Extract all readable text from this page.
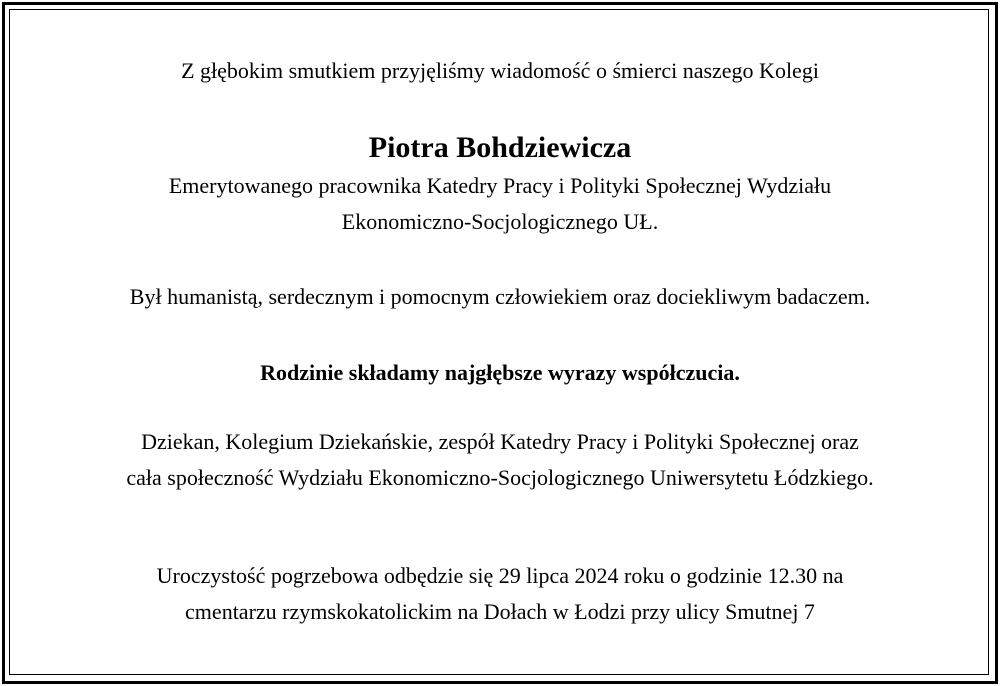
Z głębokim smutkiem przyjęliśmy wiadomość o śmierci naszego Kolegi
Piotra Bohdziewicza
Emerytowanego pracownika Katedry Pracy i Polityki Społecznej Wydziału
Ekonomiczno-Socjologicznego UŁ.
Był humanistą, serdecznym i pomocnym człowiekiem oraz dociekliwym badaczem.
Rodzinie składamy najgłębsze wyrazy współczucia.
Dziekan, Kolegium Dziekańskie, zespół Katedry Pracy i Polityki Społecznej oraz
cała społeczność Wydziału Ekonomiczno-Socjologicznego Uniwersytetu Łódzkiego.
Uroczystość pogrzebowa odbędzie się 29 lipca 2024 roku o godzinie 12.30 na
cmentarzu rzymskokatolickim na Dołach w Łodzi przy ulicy Smutnej 7
